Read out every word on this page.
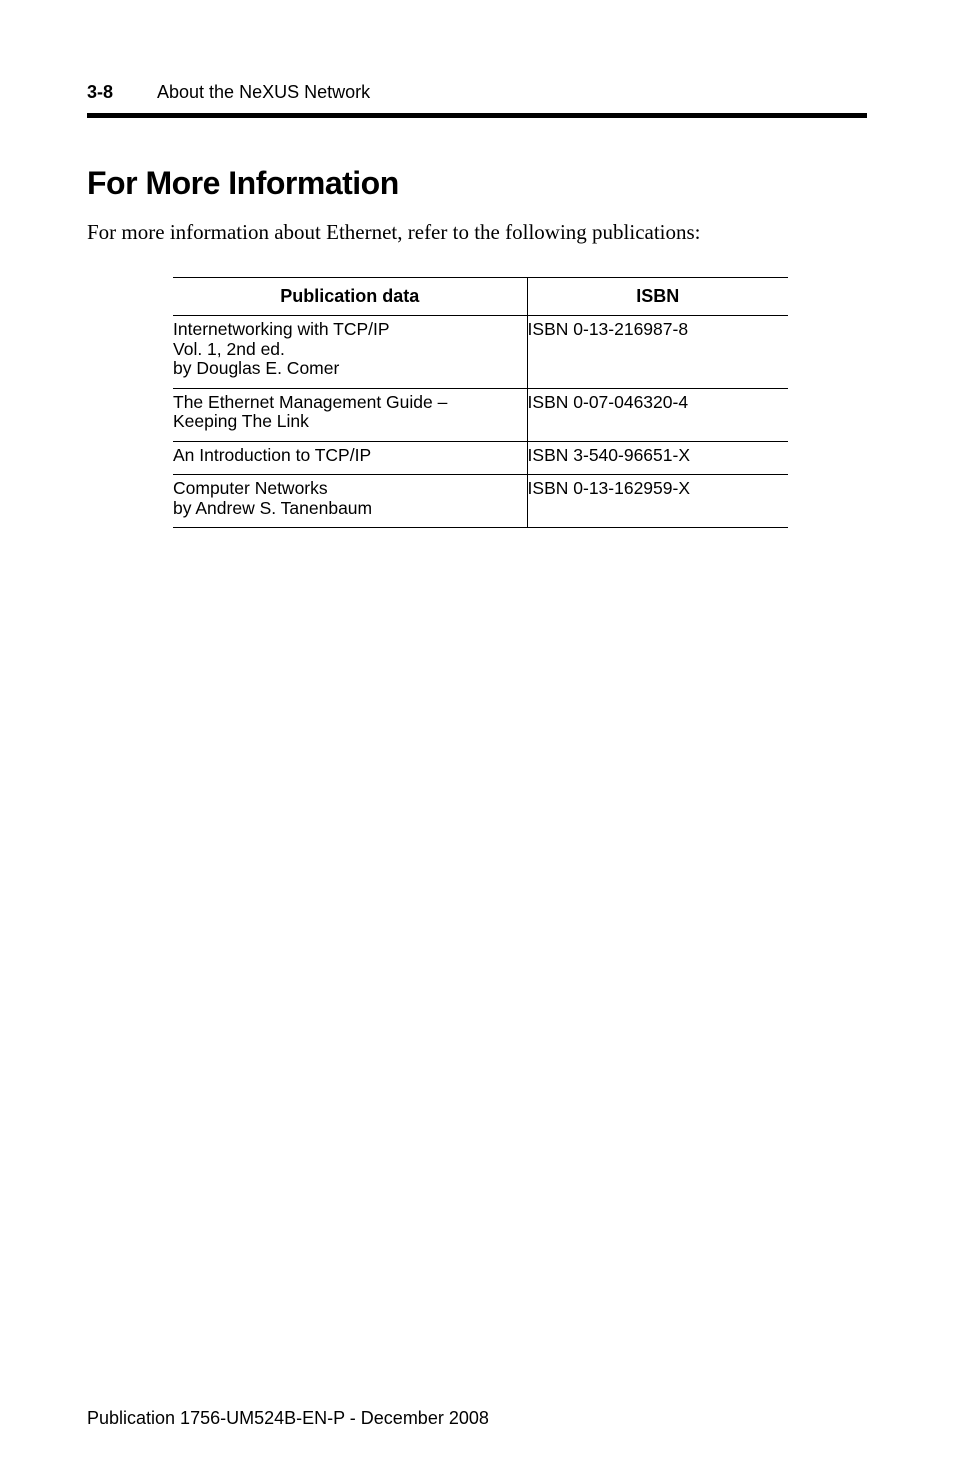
3-8 About the NeXUS Network
For More Information

For more information about Ethernet, refer to the following publications:

Publication data	ISBN

Internetworking with TCP/IP
Vol. 1, 2nd ed.
by Douglas E. Comer	ISBN 0-13-216987-8

The Ethernet Management Guide –
Keeping The Link	ISBN 0-07-046320-4

An Introduction to TCP/IP	ISBN 3-540-96651-X

Computer Networks
by Andrew S. Tanenbaum	ISBN 0-13-162959-X
Publication 1756-UM524B-EN-P - December 2008
